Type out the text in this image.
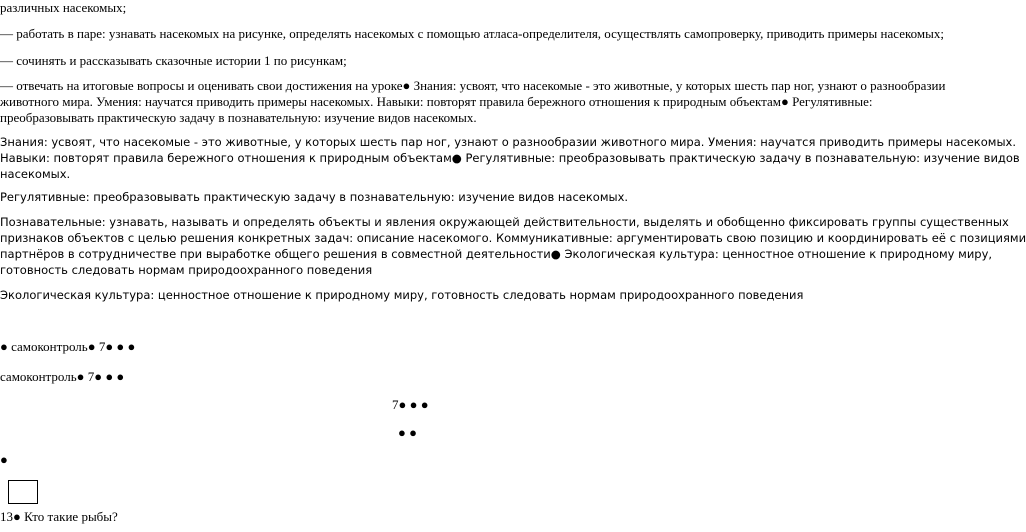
различных насекомых;

— работать в паре: узнавать насекомых на рисунке, определять насекомых с помощью атласа-определителя, осуществлять самопроверку, приводить примеры насекомых;

— сочинять и рассказывать сказочные истории 1 по рисункам;

— отвечать на итоговые вопросы и оценивать свои достижения на уроке● Знания: усвоят, что насекомые - это животные, у которых шесть пар ног, узнают о разнообразии

животного мира. Умения: научатся приводить примеры насекомых. Навыки: повторят правила бережного отношения к природным объектам● Регулятивные:

преобразовывать практическую задачу в познавательную: изучение видов насекомых.

Знания: усвоят, что насекомые - это животные, у которых шесть пар ног, узнают о разнообразии животного мира. Умения: научатся приводить примеры насекомых.

Навыки: повторят правила бережного отношения к природным объектам● Регулятивные: преобразовывать практическую задачу в познавательную: изучение видов

насекомых.

Регулятивные: преобразовывать практическую задачу в познавательную: изучение видов насекомых.

Познавательные: узнавать, называть и определять объекты и явления окружающей действительности, выделять и обобщенно фиксировать группы существенных

признаков объектов с целью решения конкретных задач: описание насекомого. Коммуникативные: аргументировать свою позицию и координировать её с позициями

партнёров в сотрудничестве при выработке общего решения в совместной деятельности● Экологическая культура: ценностное отношение к природному миру,

готовность следовать нормам природоохранного поведения

Экологическая культура: ценностное отношение к природному миру, готовность следовать нормам природоохранного поведения

● самоконтроль● 7● ● ●

самоконтроль● 7● ● ●

7● ● ●

● ●

●

13● Кто такие рыбы?
